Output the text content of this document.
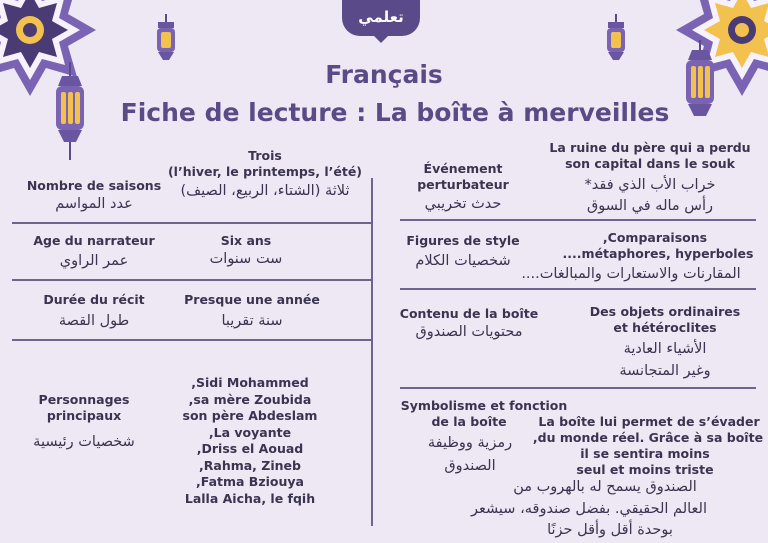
تعلمي
Français
Fiche de lecture : La boîte à merveilles
Nombre de saisons
عدد المواسم
Trois
(l’hiver, le printemps, l’été)
ثلاثة (الشتاء، الربيع، الصيف)
Age du narrateur
عمر الراوي
Six ans
ست سنوات
Durée du récit
طول القصة
Presque une année
سنة تقريبا
Personnages
principaux
شخصيات رئيسية
,Sidi Mohammed
,sa mère Zoubida
son père Abdeslam
,La voyante
,Driss el Aouad
,Rahma, Zineb
,Fatma Bziouya
Lalla Aicha, le fqih
Événement
perturbateur
حدث تخريبي
La ruine du père qui a perdu
son capital dans le souk
خراب الأب الذي فقد*
رأس ماله في السوق
Figures de style
شخصيات الكلام
,Comparaisons
....métaphores, hyperboles
المقارنات والاستعارات والمبالغات....
Contenu de la boîte
محتويات الصندوق
Des objets ordinaires
et hétéroclites
الأشياء العادية
وغير المتجانسة
Symbolisme et fonction
de la boîte
رمزية ووظيفة
الصندوق
La boîte lui permet de s’évader
,du monde réel. Grâce à sa boîte
il se sentira moins
seul et moins triste
الصندوق يسمح له بالهروب من
العالم الحقيقي. بفضل صندوقه، سيشعر
بوحدة أقل وأقل حزنًا
